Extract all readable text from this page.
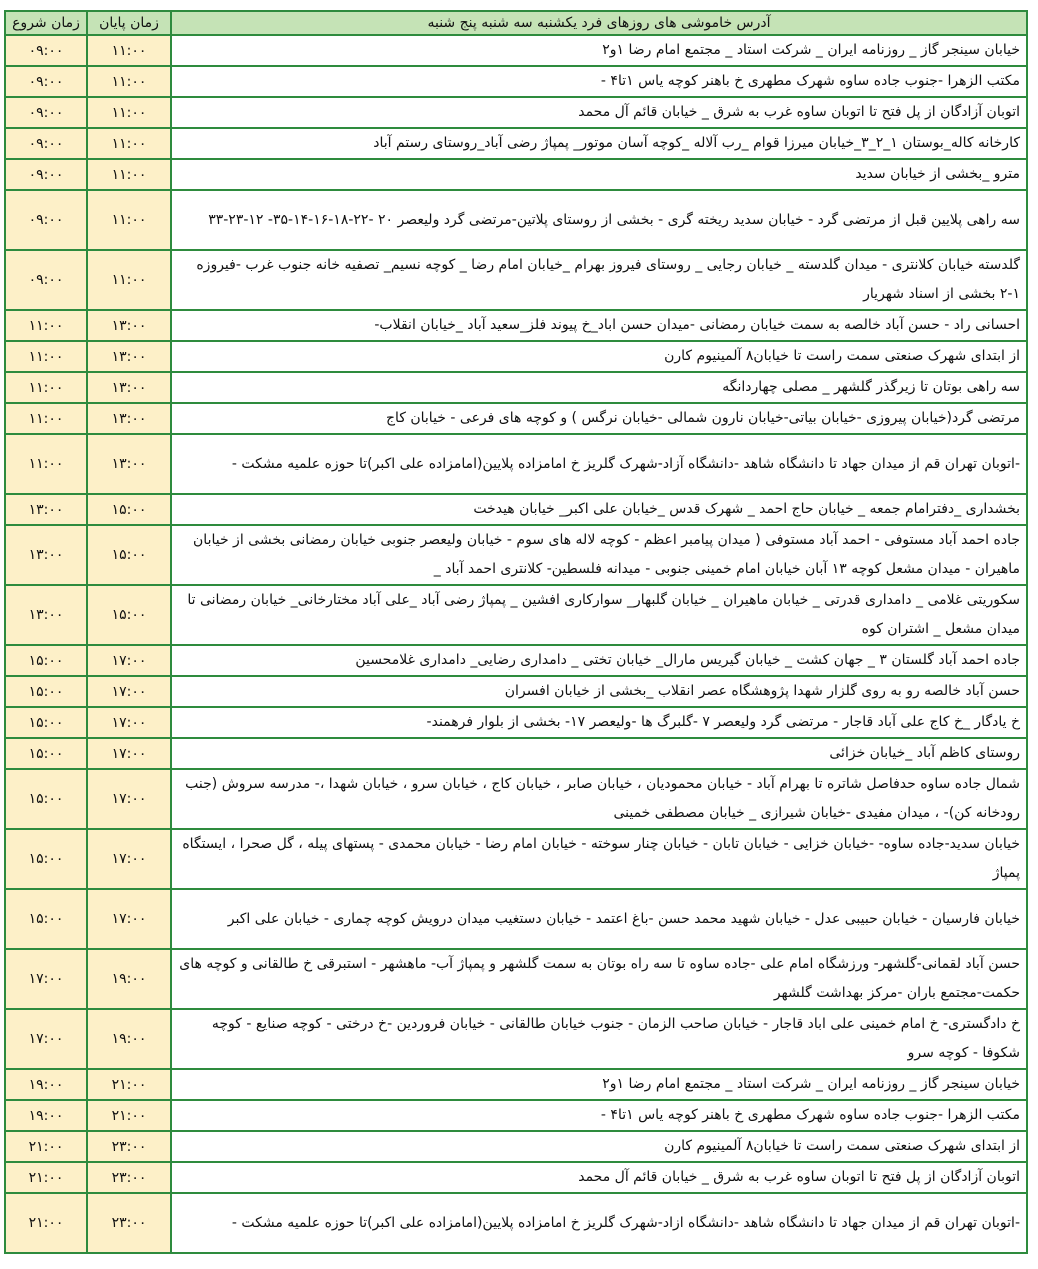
آدرس خاموشی های روزهای فرد یکشنبه سه شنبه پنج شنبه	زمان پایان	زمان شروع
خیابان سینجر گاز _ روزنامه ایران _ شرکت استاد _ مجتمع امام رضا ۱و۲	۱۱:۰۰	۰۹:۰۰
مکتب الزهرا -جنوب جاده ساوه شهرک مطهری خ باهنر کوچه یاس ۱تا۴ -	۱۱:۰۰	۰۹:۰۰
اتوبان آزادگان از پل فتح تا اتوبان ساوه غرب به شرق _ خیابان قائم آل محمد	۱۱:۰۰	۰۹:۰۰
کارخانه کاله_بوستان ۱_۲_۳_خیابان میرزا قوام _رب آلاله _کوچه آسان موتور_ پمپاژ رضی آباد_روستای رستم آباد	۱۱:۰۰	۰۹:۰۰
مترو _بخشی از خیابان سدید	۱۱:۰۰	۰۹:۰۰
سه راهی پلایین قبل از مرتضی گرد - خیابان سدید ریخته گری - بخشی از روستای پلاتین-مرتضی گرد ولیعصر ۲۰ -۲۲-۱۸-۱۶-۱۴-۳۵- ۱۲-۲۳-۳۳	۱۱:۰۰	۰۹:۰۰
گلدسته خیابان کلانتری - میدان گلدسته _ خیابان رجایی _ روستای فیروز بهرام _خیابان امام رضا _ کوچه نسیم_ تصفیه خانه جنوب غرب -فیروزه ۱-۲ بخشی از اسناد شهریار	۱۱:۰۰	۰۹:۰۰
احسانی راد - حسن آباد خالصه به سمت خیابان رمضانی -میدان حسن اباد_خ پیوند فلز_سعید آباد _خیابان انقلاب-	۱۳:۰۰	۱۱:۰۰
از ابتدای شهرک صنعتی سمت راست تا خیابان۸ آلمینیوم کارن	۱۳:۰۰	۱۱:۰۰
سه راهی بوتان تا زیرگذر گلشهر _ مصلی چهاردانگه	۱۳:۰۰	۱۱:۰۰
مرتضی گرد(خیابان پیروزی -خیابان بیاتی-خیابان نارون شمالی -خیابان نرگس ) و کوچه های فرعی - خیابان کاج	۱۳:۰۰	۱۱:۰۰
-اتوبان تهران قم از میدان جهاد تا دانشگاه شاهد -دانشگاه آزاد-شهرک گلریز خ امامزاده پلایین(امامزاده علی اکبر)تا حوزه علمیه مشکت -	۱۳:۰۰	۱۱:۰۰
بخشداری _دفترامام جمعه _ خیابان حاج احمد _ شهرک قدس _خیابان علی اکبر_ خیابان هیدخت	۱۵:۰۰	۱۳:۰۰
جاده احمد آباد مستوفی - احمد آباد مستوفی ( میدان پیامبر اعظم - کوچه لاله های سوم - خیابان ولیعصر جنوبی خیابان رمضانی بخشی از خیابان ماهیران - میدان مشعل کوچه ۱۳ آبان خیابان امام خمینی جنوبی - میدانه فلسطین- کلانتری احمد آباد _	۱۵:۰۰	۱۳:۰۰
سکوریتی غلامی _ دامداری قدرتی _ خیابان ماهیران _ خیابان گلبهار_ سوارکاری افشین _ پمپاژ رضی آباد _علی آباد مختارخانی_ خیابان رمضانی تا میدان مشعل _ اشتران کوه	۱۵:۰۰	۱۳:۰۰
جاده احمد آباد گلستان ۳ _ جهان کشت _ خیابان گیریس مارال_ خیابان تختی _ دامداری رضایی_ دامداری غلامحسین	۱۷:۰۰	۱۵:۰۰
حسن آباد خالصه رو به روی گلزار شهدا پژوهشگاه عصر انقلاب _بخشی از خیابان افسران	۱۷:۰۰	۱۵:۰۰
خ یادگار _خ کاج علی آباد قاجار - مرتضی گرد ولیعصر ۷ -گلبرگ ها -ولیعصر ۱۷- بخشی از بلوار فرهمند-	۱۷:۰۰	۱۵:۰۰
روستای کاظم آباد _خیابان خزائی	۱۷:۰۰	۱۵:۰۰
شمال جاده ساوه حدفاصل شاتره تا بهرام آباد - خیابان محمودیان ، خیابان صابر ، خیابان کاج ، خیابان سرو ، خیابان شهدا ،- مدرسه سروش (جنب رودخانه کن)- ، میدان مفیدی -خیابان شیرازی _ خیابان مصطفی خمینی	۱۷:۰۰	۱۵:۰۰
خیابان سدید-جاده ساوه- -خیابان خزایی - خیابان تابان - خیابان چنار سوخته - خیابان امام رضا - خیابان محمدی - پستهای پیله ، گل صحرا ، ایستگاه پمپاژ	۱۷:۰۰	۱۵:۰۰
خیابان فارسیان - خیابان حبیبی عدل - خیابان شهید محمد حسن -باغ اعتمد - خیابان دستغیب میدان درویش کوچه چماری - خیابان علی اکبر	۱۷:۰۰	۱۵:۰۰
حسن آباد لقمانی-گلشهر- ورزشگاه امام علی -جاده ساوه تا سه راه بوتان به سمت گلشهر و پمپاژ آب- ماهشهر - استبرقی خ طالقانی و کوچه های حکمت-مجتمع باران -مرکز بهداشت گلشهر	۱۹:۰۰	۱۷:۰۰
خ دادگستری- خ امام خمینی علی اباد قاجار - خیابان صاحب الزمان - جنوب خیابان طالقانی - خیابان فروردین -خ درختی - کوچه صنایع - کوچه شکوفا - کوچه سرو	۱۹:۰۰	۱۷:۰۰
خیابان سینجر گاز _ روزنامه ایران _ شرکت استاد _ مجتمع امام رضا ۱و۲	۲۱:۰۰	۱۹:۰۰
مکتب الزهرا -جنوب جاده ساوه شهرک مطهری خ باهنر کوچه یاس ۱تا۴ -	۲۱:۰۰	۱۹:۰۰
از ابتدای شهرک صنعتی سمت راست تا خیابان۸ آلمینیوم کارن	۲۳:۰۰	۲۱:۰۰
اتوبان آزادگان از پل فتح تا اتوبان ساوه غرب به شرق _ خیابان قائم آل محمد	۲۳:۰۰	۲۱:۰۰
-اتوبان تهران قم از میدان جهاد تا دانشگاه شاهد -دانشگاه ازاد-شهرک گلریز خ امامزاده پلایین(امامزاده علی اکبر)تا حوزه علمیه مشکت -	۲۳:۰۰	۲۱:۰۰
